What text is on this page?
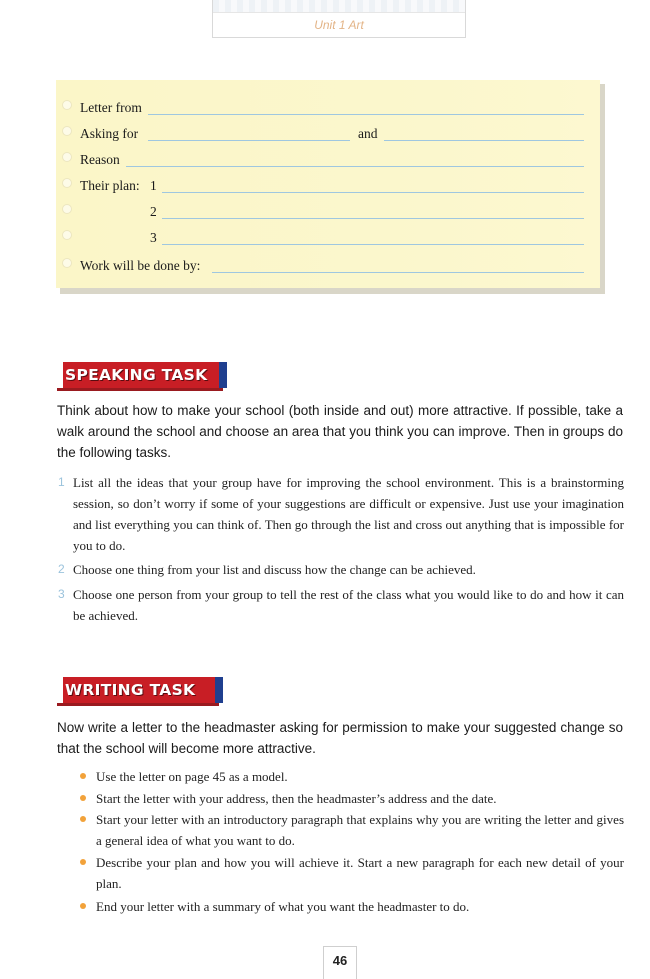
Unit 1 Art
Letter from
Asking for	and
Reason
Their plan: 1
2
3
Work will be done by:
SPEAKING TASK
Think about how to make your school (both inside and out) more attractive. If possible, take a walk around the school and choose an area that you think you can improve. Then in groups do the following tasks.
1 List all the ideas that your group have for improving the school environment. This is a brainstorming session, so don’t worry if some of your suggestions are difficult or expensive. Just use your imagination and list everything you can think of. Then go through the list and cross out anything that is impossible for you to do.
2 Choose one thing from your list and discuss how the change can be achieved.
3 Choose one person from your group to tell the rest of the class what you would like to do and how it can be achieved.
WRITING TASK
Now write a letter to the headmaster asking for permission to make your suggested change so that the school will become more attractive.
Use the letter on page 45 as a model.
Start the letter with your address, then the headmaster’s address and the date.
Start your letter with an introductory paragraph that explains why you are writing the letter and gives a general idea of what you want to do.
Describe your plan and how you will achieve it. Start a new paragraph for each new detail of your plan.
End your letter with a summary of what you want the headmaster to do.
46
